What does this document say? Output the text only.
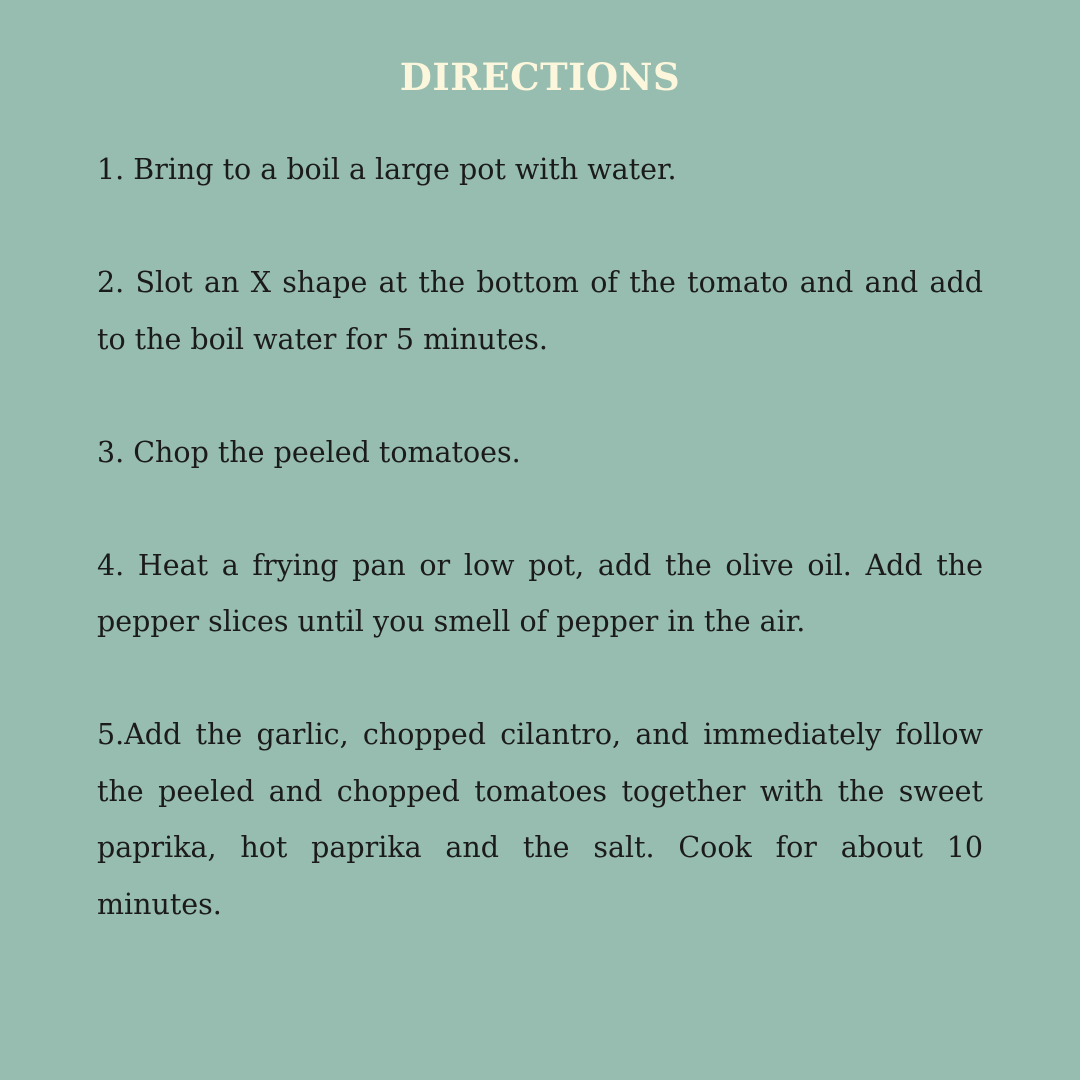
DIRECTIONS

1. Bring to a boil a large pot with water.

2. Slot an X shape at the bottom of the tomato and and add to the boil water for 5 minutes.

3. Chop the peeled tomatoes.

4. Heat a frying pan or low pot, add the olive oil. Add the pepper slices until you smell of pepper in the air.

5.Add the garlic, chopped cilantro, and immediately follow the peeled and chopped tomatoes together with the sweet paprika, hot paprika and the salt. Cook for about 10 minutes.
